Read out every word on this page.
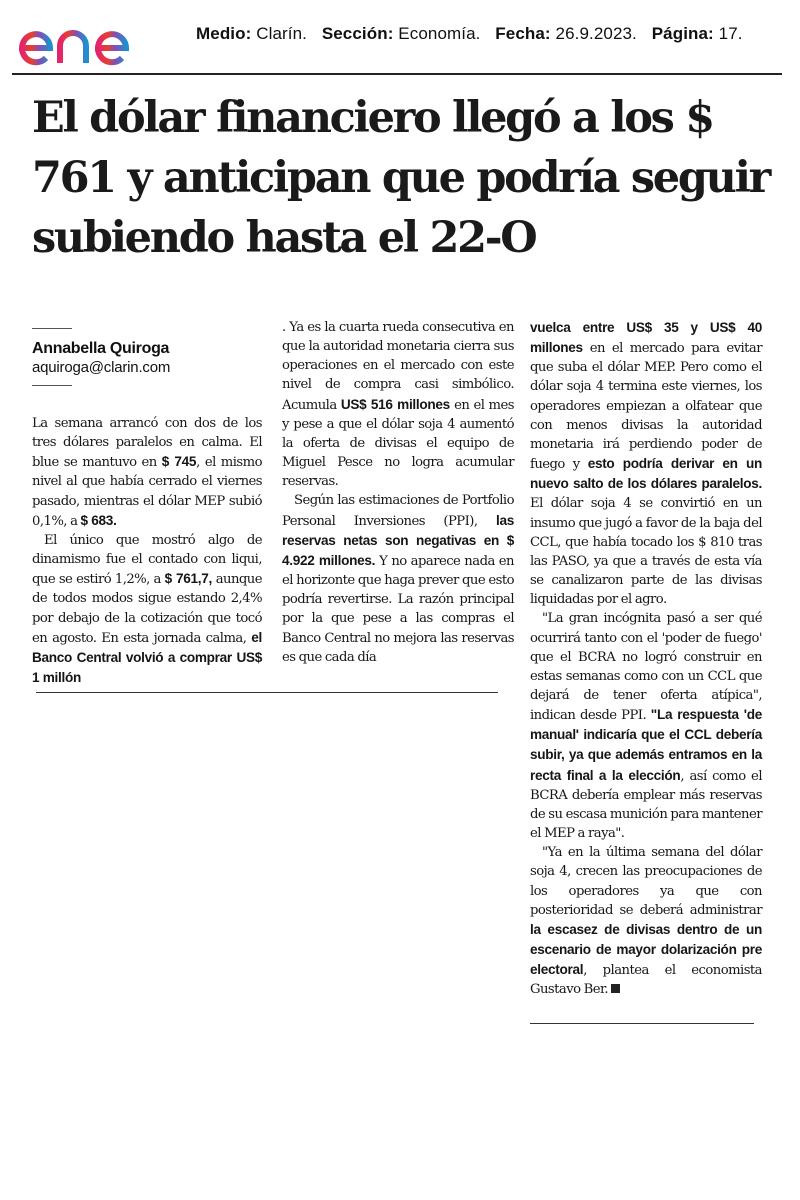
enel
Medio: Clarín. Sección: Economía. Fecha: 26.9.2023. Página: 17.
El dólar financiero llegó a los $ 761 y anticipan que podría seguir subiendo hasta el 22-O
Annabella Quiroga
aquiroga@clarin.com

La semana arrancó con dos de los tres dólares paralelos en calma. El blue se mantuvo en $ 745, el mismo nivel al que había cerrado el viernes pasado, mientras el dólar MEP subió 0,1%, a $ 683.

El único que mostró algo de dinamismo fue el contado con liqui, que se estiró 1,2%, a $ 761,7, aunque de todos modos sigue estando 2,4% por debajo de la cotización que tocó en agosto. En esta jornada calma, el Banco Central volvió a comprar US$ 1 millón

. Ya es la cuarta rueda consecutiva en que la autoridad monetaria cierra sus operaciones en el mercado con este nivel de compra casi simbólico. Acumula US$ 516 millones en el mes y pese a que el dólar soja 4 aumentó la oferta de divisas el equipo de Miguel Pesce no logra acumular reservas.

Según las estimaciones de Portfolio Personal Inversiones (PPI), las reservas netas son negativas en $ 4.922 millones. Y no aparece nada en el horizonte que haga prever que esto podría revertirse. La razón principal por la que pese a las compras el Banco Central no mejora las reservas es que cada día

vuelca entre US$ 35 y US$ 40 millones en el mercado para evitar que suba el dólar MEP. Pero como el dólar soja 4 termina este viernes, los operadores empiezan a olfatear que con menos divisas la autoridad monetaria irá perdiendo poder de fuego y esto podría derivar en un nuevo salto de los dólares paralelos. El dólar soja 4 se convirtió en un insumo que jugó a favor de la baja del CCL, que había tocado los $ 810 tras las PASO, ya que a través de esta vía se canalizaron parte de las divisas liquidadas por el agro.

"La gran incógnita pasó a ser qué ocurrirá tanto con el 'poder de fuego' que el BCRA no logró construir en estas semanas como con un CCL que dejará de tener oferta atípica", indican desde PPI. "La respuesta 'de manual' indicaría que el CCL debería subir, ya que además entramos en la recta final a la elección, así como el BCRA debería emplear más reservas de su escasa munición para mantener el MEP a raya".

"Ya en la última semana del dólar soja 4, crecen las preocupaciones de los operadores ya que con posterioridad se deberá administrar la escasez de divisas dentro de un escenario de mayor dolarización pre electoral, plantea el economista Gustavo Ber.
